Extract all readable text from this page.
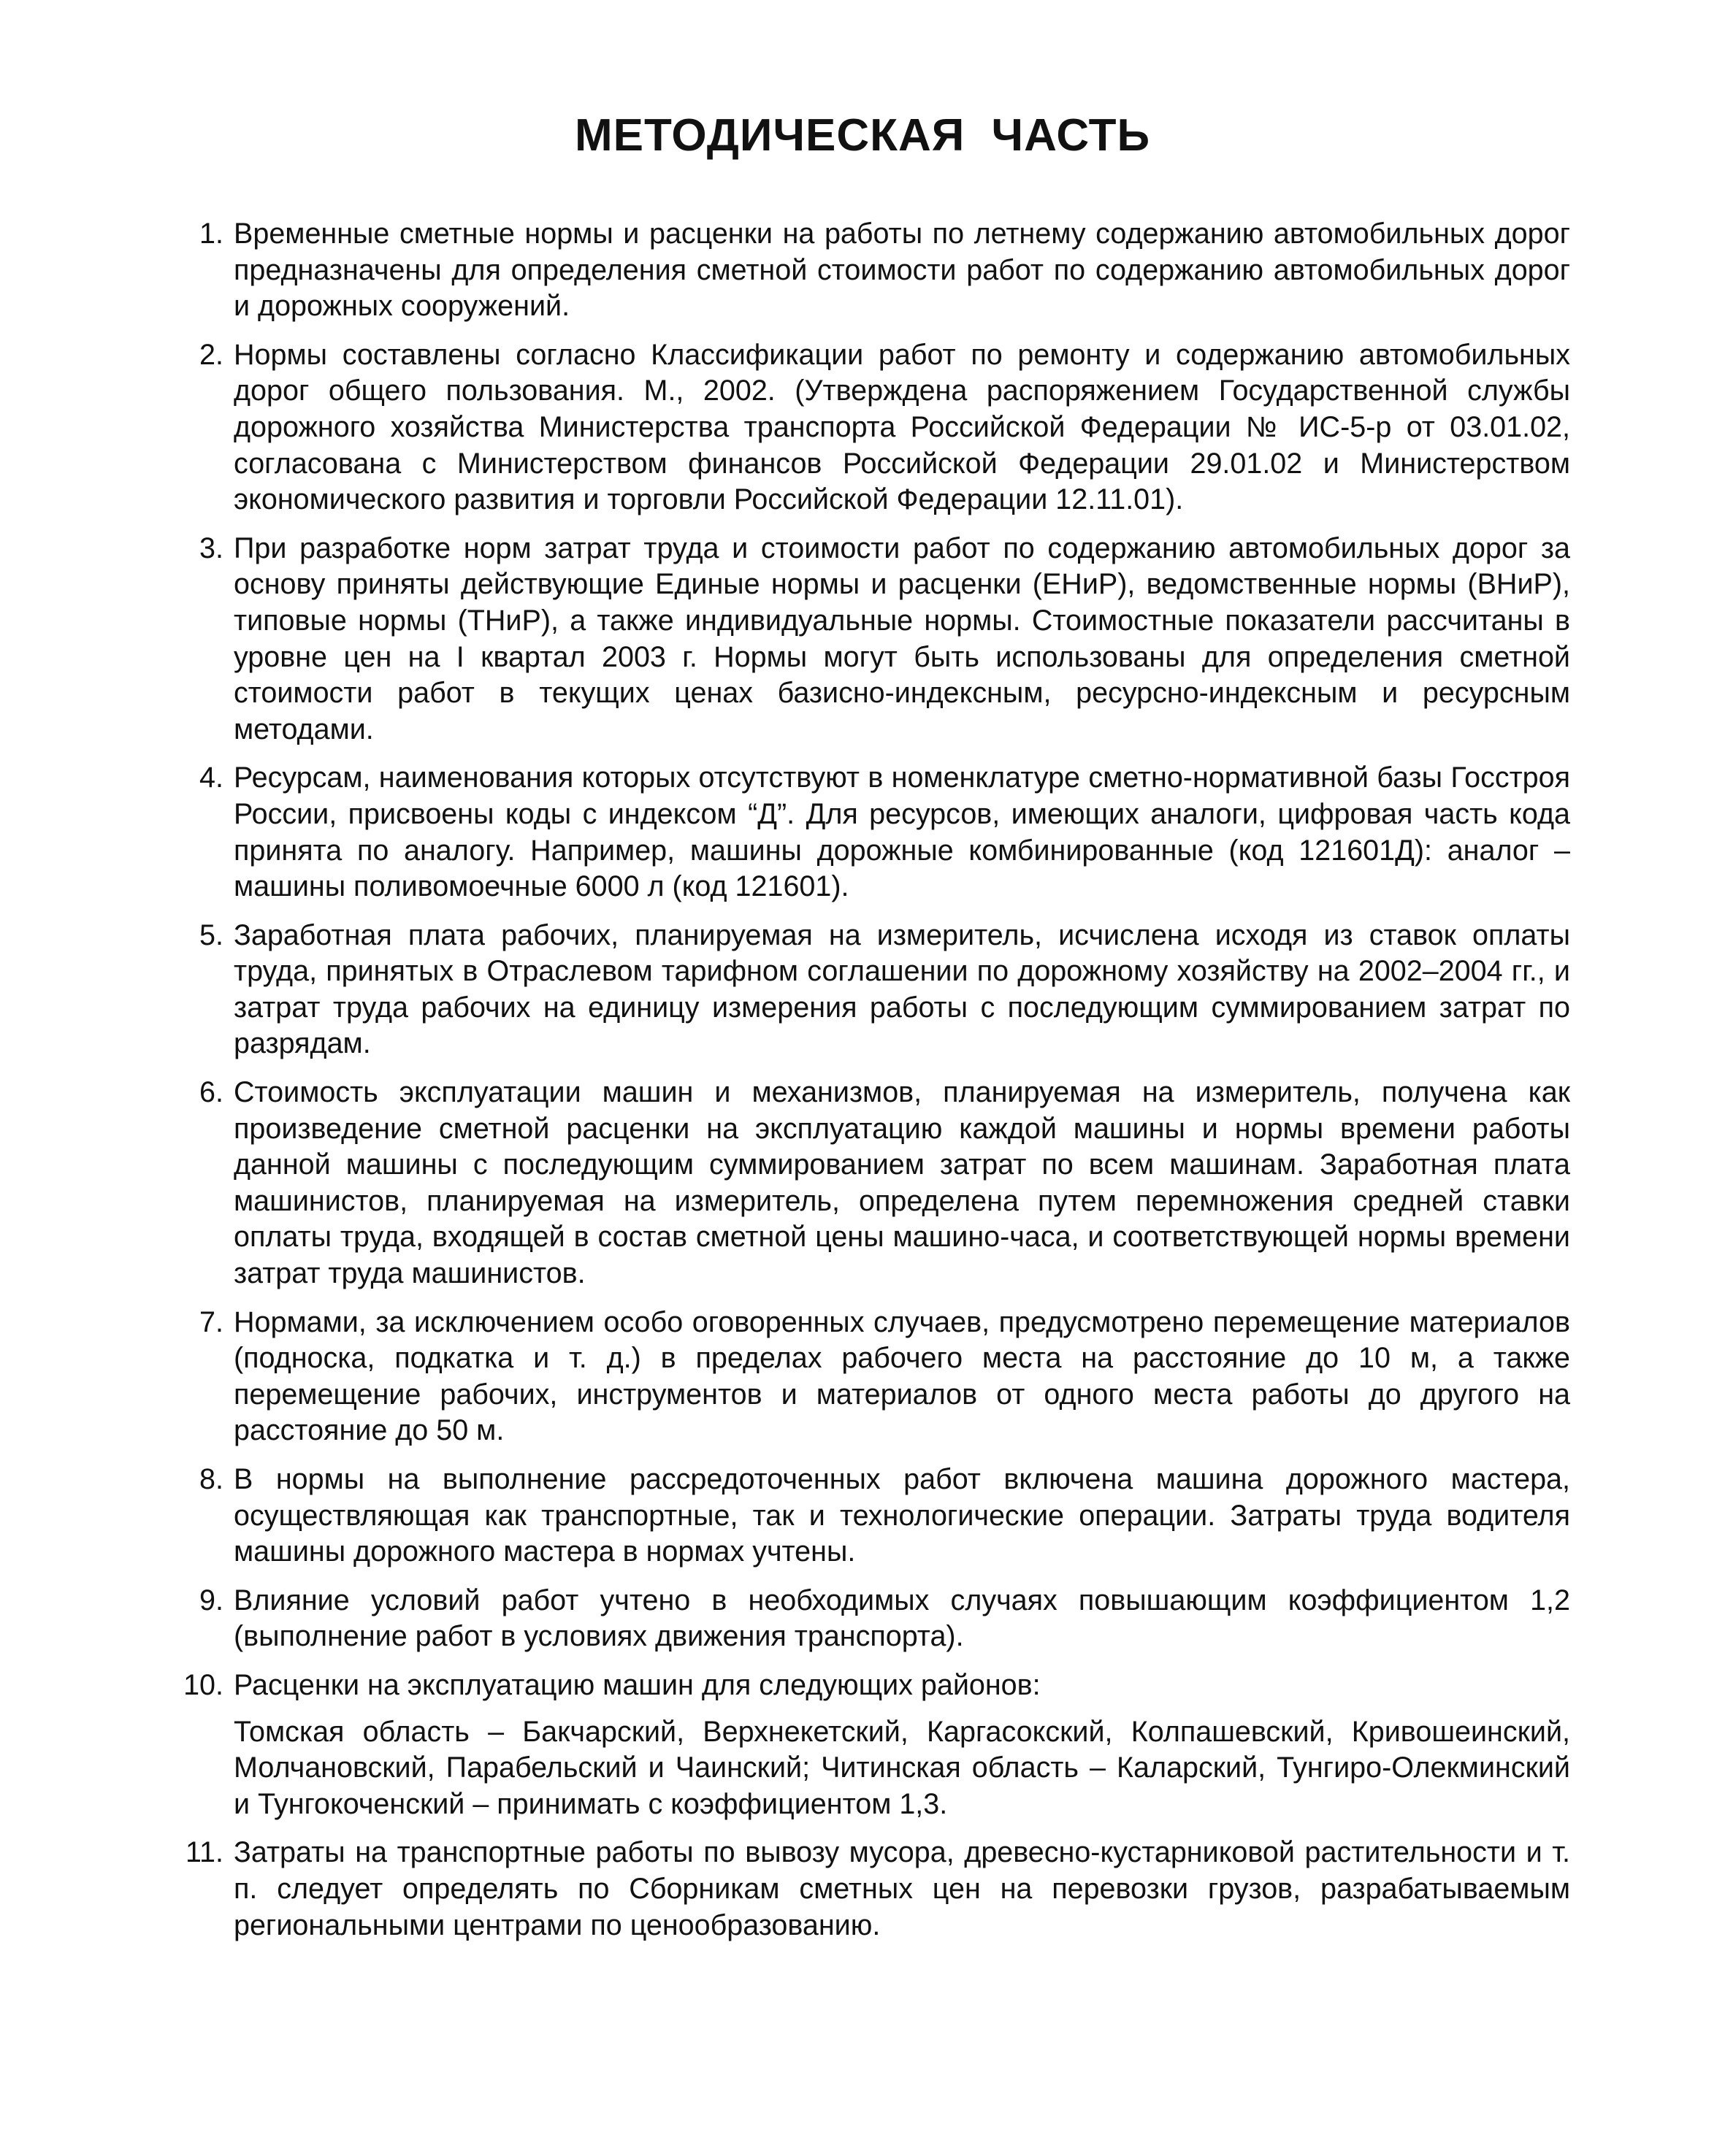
МЕТОДИЧЕСКАЯ ЧАСТЬ
1. Временные сметные нормы и расценки на работы по летнему содержанию автомобильных дорог предназначены для определения сметной стоимости работ по содержанию автомобильных дорог и дорожных сооружений.
2. Нормы составлены согласно Классификации работ по ремонту и содержанию автомобильных дорог общего пользования. М., 2002. (Утверждена распоряжением Государственной службы дорожного хозяйства Министерства транспорта Российской Федерации № ИС-5-р от 03.01.02, согласована с Министерством финансов Российской Федерации 29.01.02 и Министерством экономического развития и торговли Российской Федерации 12.11.01).
3. При разработке норм затрат труда и стоимости работ по содержанию автомобильных дорог за основу приняты действующие Единые нормы и расценки (ЕНиР), ведомственные нормы (ВНиР), типовые нормы (ТНиР), а также индивидуальные нормы. Стоимостные показатели рассчитаны в уровне цен на I квартал 2003 г. Нормы могут быть использованы для определения сметной стоимости работ в текущих ценах базисно-индексным, ресурсно-индексным и ресурсным методами.
4. Ресурсам, наименования которых отсутствуют в номенклатуре сметно-нормативной базы Госстроя России, присвоены коды с индексом “Д”. Для ресурсов, имеющих аналоги, цифровая часть кода принята по аналогу. Например, машины дорожные комбинированные (код 121601Д): аналог – машины поливомоечные 6000 л (код 121601).
5. Заработная плата рабочих, планируемая на измеритель, исчислена исходя из ставок оплаты труда, принятых в Отраслевом тарифном соглашении по дорожному хозяйству на 2002–2004 гг., и затрат труда рабочих на единицу измерения работы с последующим суммированием затрат по разрядам.
6. Стоимость эксплуатации машин и механизмов, планируемая на измеритель, получена как произведение сметной расценки на эксплуатацию каждой машины и нормы времени работы данной машины с последующим суммированием затрат по всем машинам. Заработная плата машинистов, планируемая на измеритель, определена путем перемножения средней ставки оплаты труда, входящей в состав сметной цены машино-часа, и соответствующей нормы времени затрат труда машинистов.
7. Нормами, за исключением особо оговоренных случаев, предусмотрено перемещение материалов (подноска, подкатка и т. д.) в пределах рабочего места на расстояние до 10 м, а также перемещение рабочих, инструментов и материалов от одного места работы до другого на расстояние до 50 м.
8. В нормы на выполнение рассредоточенных работ включена машина дорожного мастера, осуществляющая как транспортные, так и технологические операции. Затраты труда водителя машины дорожного мастера в нормах учтены.
9. Влияние условий работ учтено в необходимых случаях повышающим коэффициентом 1,2 (выполнение работ в условиях движения транспорта).
10. Расценки на эксплуатацию машин для следующих районов:
Томская область – Бакчарский, Верхнекетский, Каргасокский, Колпашевский, Кривошеинский, Молчановский, Парабельский и Чаинский; Читинская область – Каларский, Тунгиро-Олекминский и Тунгокоченский – принимать с коэффициентом 1,3.
11. Затраты на транспортные работы по вывозу мусора, древесно-кустарниковой растительности и т. п. следует определять по Сборникам сметных цен на перевозки грузов, разрабатываемым региональными центрами по ценообразованию.
